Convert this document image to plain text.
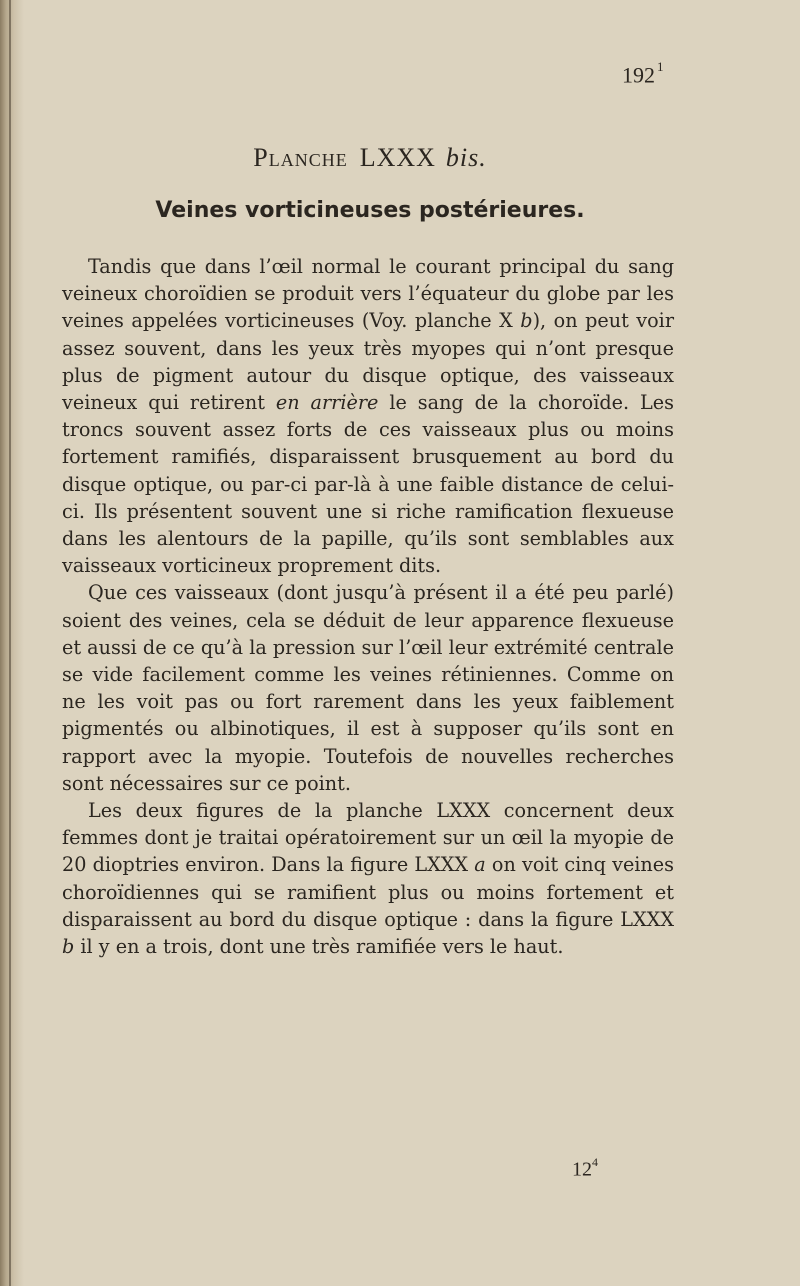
192 $^1$
Planche LXXX bis.
Veines vorticineuses postérieures.

Tandis que dans l’œil normal le courant principal du sang veineux choroïdien se produit vers l’équateur du globe par les veines appelées vorticineuses (Voy. planche X b), on peut voir assez souvent, dans les yeux très myopes qui n’ont presque plus de pigment autour du disque optique, des vaisseaux veineux qui retirent en arrière le sang de la choroïde. Les troncs souvent assez forts de ces vaisseaux plus ou moins fortement ramifiés, disparaissent brusquement au bord du disque optique, ou par-ci par-là à une faible distance de celui-ci. Ils présentent souvent une si riche ramification flexueuse dans les alentours de la papille, qu’ils sont semblables aux vaisseaux vorticineux proprement dits.

Que ces vaisseaux (dont jusqu’à présent il a été peu parlé) soient des veines, cela se déduit de leur apparence flexueuse et aussi de ce qu’à la pression sur l’œil leur extrémité centrale se vide facilement comme les veines rétiniennes. Comme on ne les voit pas ou fort rarement dans les yeux faiblement pigmentés ou albinotiques, il est à supposer qu’ils sont en rapport avec la myopie. Toutefois de nouvelles recherches sont nécessaires sur ce point.

Les deux figures de la planche LXXX concernent deux femmes dont je traitai opératoirement sur un œil la myopie de 20 dioptries environ. Dans la figure LXXX a on voit cinq veines choroïdiennes qui se ramifient plus ou moins fortement et disparaissent au bord du disque optique : dans la figure LXXX b il y en a trois, dont une très ramifiée vers le haut.

$12^4$
